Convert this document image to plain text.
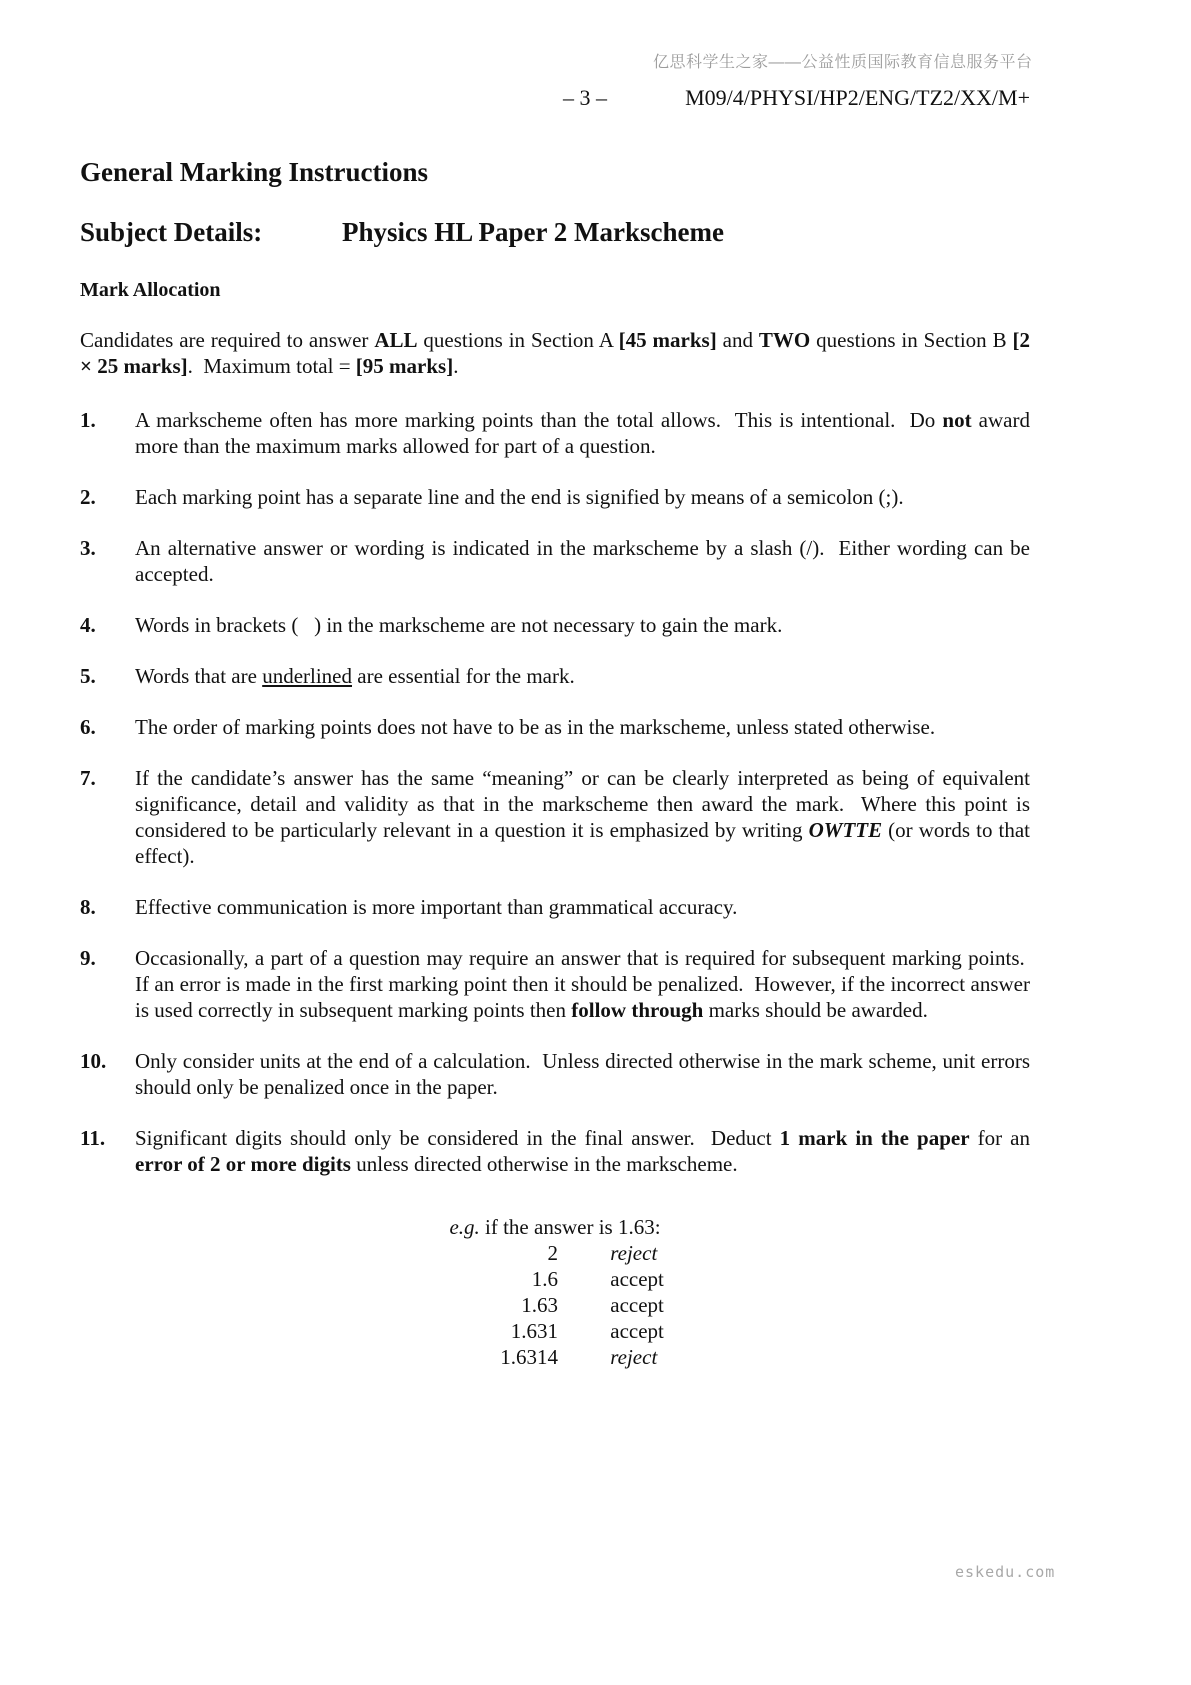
亿思科学生之家——公益性质国际教育信息服务平台
– 3 –	M09/4/PHYSI/HP2/ENG/TZ2/XX/M+
General Marking Instructions
Subject Details:	Physics HL Paper 2 Markscheme
Mark Allocation
Candidates are required to answer ALL questions in Section A [45 marks] and TWO questions in Section B [2 × 25 marks].  Maximum total = [95 marks].
1. A markscheme often has more marking points than the total allows.  This is intentional.  Do not award more than the maximum marks allowed for part of a question.
2. Each marking point has a separate line and the end is signified by means of a semicolon (;).
3. An alternative answer or wording is indicated in the markscheme by a slash (/).  Either wording can be accepted.
4. Words in brackets (   ) in the markscheme are not necessary to gain the mark.
5. Words that are underlined are essential for the mark.
6. The order of marking points does not have to be as in the markscheme, unless stated otherwise.
7. If the candidate’s answer has the same “meaning” or can be clearly interpreted as being of equivalent significance, detail and validity as that in the markscheme then award the mark.  Where this point is considered to be particularly relevant in a question it is emphasized by writing OWTTE (or words to that effect).
8. Effective communication is more important than grammatical accuracy.
9. Occasionally, a part of a question may require an answer that is required for subsequent marking points.  If an error is made in the first marking point then it should be penalized.  However, if the incorrect answer is used correctly in subsequent marking points then follow through marks should be awarded.
10. Only consider units at the end of a calculation.  Unless directed otherwise in the mark scheme, unit errors should only be penalized once in the paper.
11. Significant digits should only be considered in the final answer.  Deduct 1 mark in the paper for an error of 2 or more digits unless directed otherwise in the markscheme.
e.g. if the answer is 1.63:
2 reject
1.6 accept
1.63 accept
1.631 accept
1.6314 reject
eskedu.com
